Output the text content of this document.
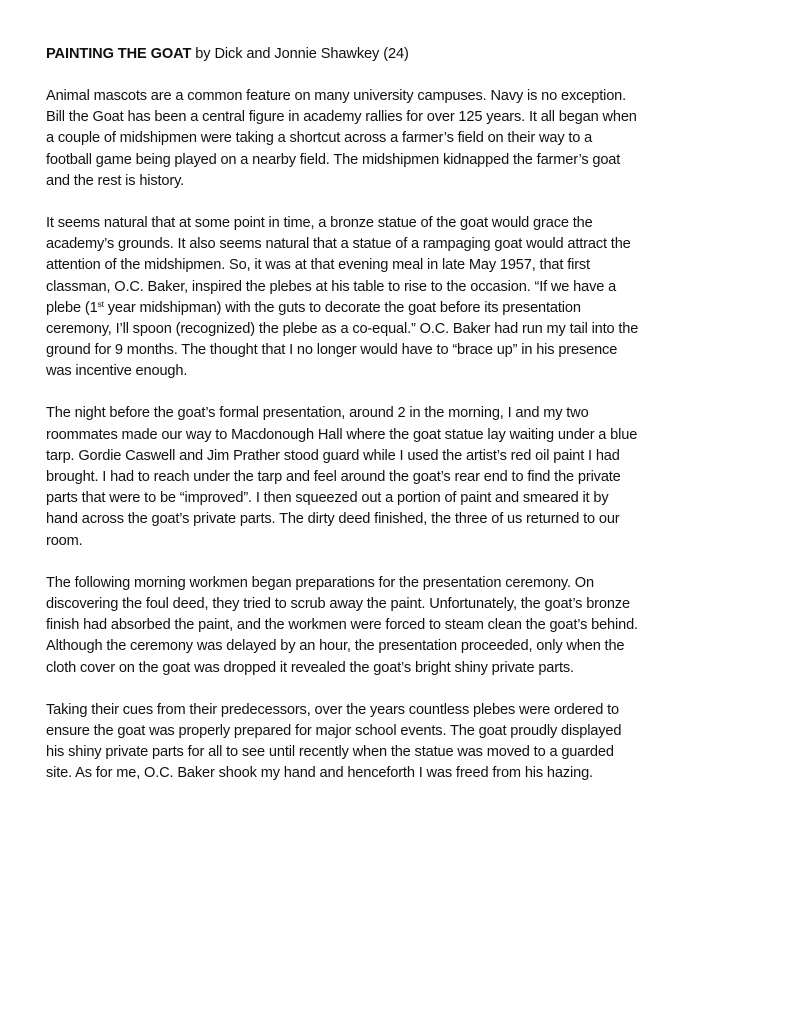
PAINTING THE GOAT by Dick and Jonnie Shawkey (24)
Animal mascots are a common feature on many university campuses. Navy is no exception.
Bill the Goat has been a central figure in academy rallies for over 125 years. It all began when
a couple of midshipmen were taking a shortcut across a farmer’s field on their way to a
football game being played on a nearby field. The midshipmen kidnapped the farmer’s goat
and the rest is history.
It seems natural that at some point in time, a bronze statue of the goat would grace the
academy’s grounds. It also seems natural that a statue of a rampaging goat would attract the
attention of the midshipmen. So, it was at that evening meal in late May 1957, that first
classman, O.C. Baker, inspired the plebes at his table to rise to the occasion. “If we have a
plebe (1st year midshipman) with the guts to decorate the goat before its presentation
ceremony, I’ll spoon (recognized) the plebe as a co-equal.” O.C. Baker had run my tail into the
ground for 9 months. The thought that I no longer would have to “brace up” in his presence
was incentive enough.
The night before the goat’s formal presentation, around 2 in the morning, I and my two
roommates made our way to Macdonough Hall where the goat statue lay waiting under a blue
tarp. Gordie Caswell and Jim Prather stood guard while I used the artist’s red oil paint I had
brought. I had to reach under the tarp and feel around the goat’s rear end to find the private
parts that were to be “improved”. I then squeezed out a portion of paint and smeared it by
hand across the goat’s private parts. The dirty deed finished, the three of us returned to our
room.
The following morning workmen began preparations for the presentation ceremony. On
discovering the foul deed, they tried to scrub away the paint. Unfortunately, the goat’s bronze
finish had absorbed the paint, and the workmen were forced to steam clean the goat’s behind.
Although the ceremony was delayed by an hour, the presentation proceeded, only when the
cloth cover on the goat was dropped it revealed the goat’s bright shiny private parts.
Taking their cues from their predecessors, over the years countless plebes were ordered to
ensure the goat was properly prepared for major school events. The goat proudly displayed
his shiny private parts for all to see until recently when the statue was moved to a guarded
site. As for me, O.C. Baker shook my hand and henceforth I was freed from his hazing.
